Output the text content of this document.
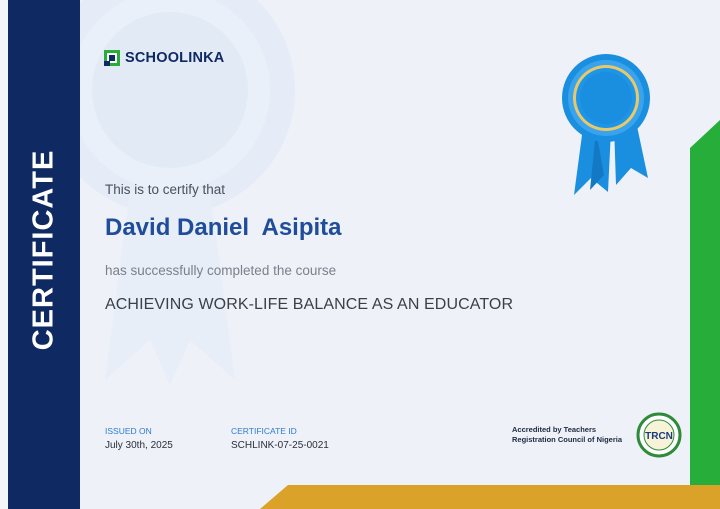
CERTIFICATE
SCHOOLINKA
This is to certify that
David Daniel  Asipita
has successfully completed the course
ACHIEVING WORK-LIFE BALANCE AS AN EDUCATOR
ISSUED ON
July 30th, 2025
CERTIFICATE ID
SCHLINK-07-25-0021
Accredited by Teachers
Registration Council of Nigeria TRCN
